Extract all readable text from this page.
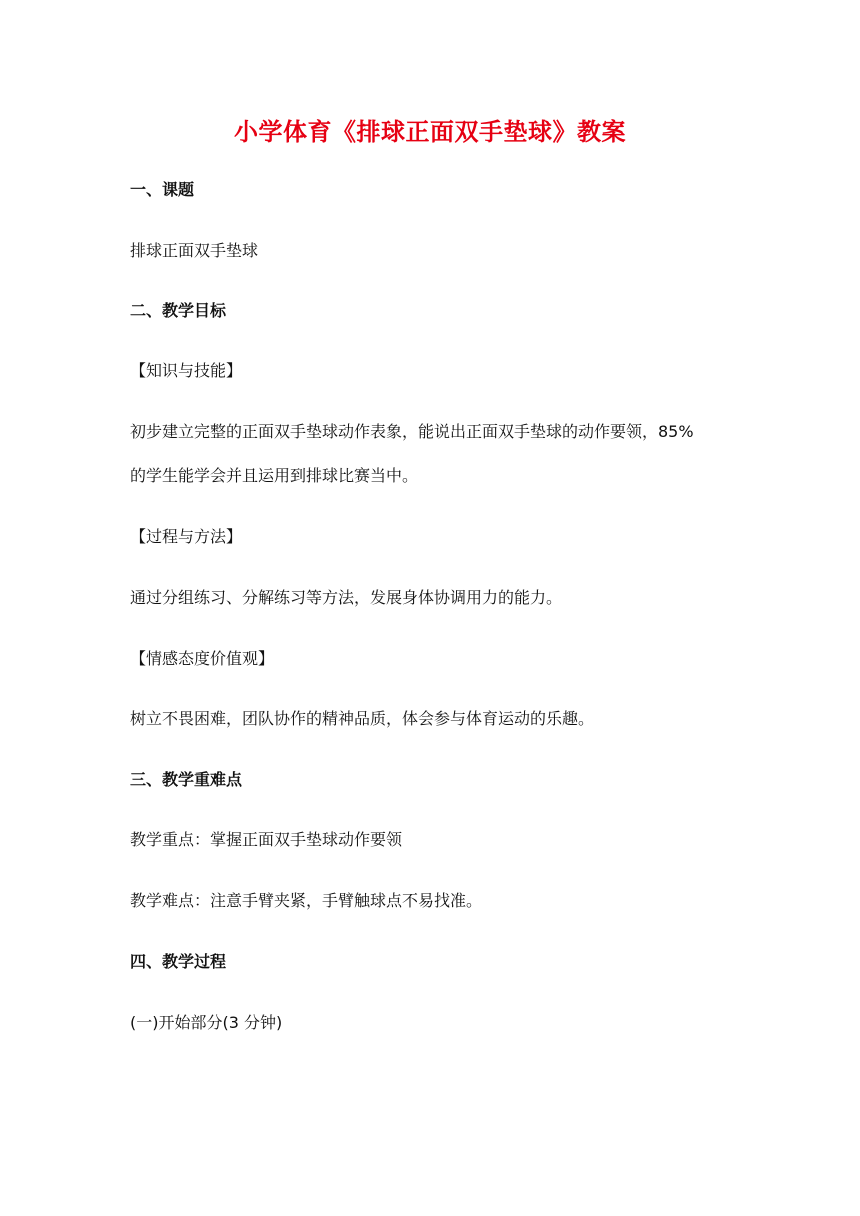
小学体育《排球正面双手垫球》教案
一、课题
排球正面双手垫球
二、教学目标
【知识与技能】
初步建立完整的正面双手垫球动作表象，能说出正面双手垫球的动作要领，85%
的学生能学会并且运用到排球比赛当中。
【过程与方法】
通过分组练习、分解练习等方法，发展身体协调用力的能力。
【情感态度价值观】
树立不畏困难，团队协作的精神品质，体会参与体育运动的乐趣。
三、教学重难点
教学重点：掌握正面双手垫球动作要领
教学难点：注意手臂夹紧，手臂触球点不易找准。
四、教学过程
(一)开始部分(3 分钟)
